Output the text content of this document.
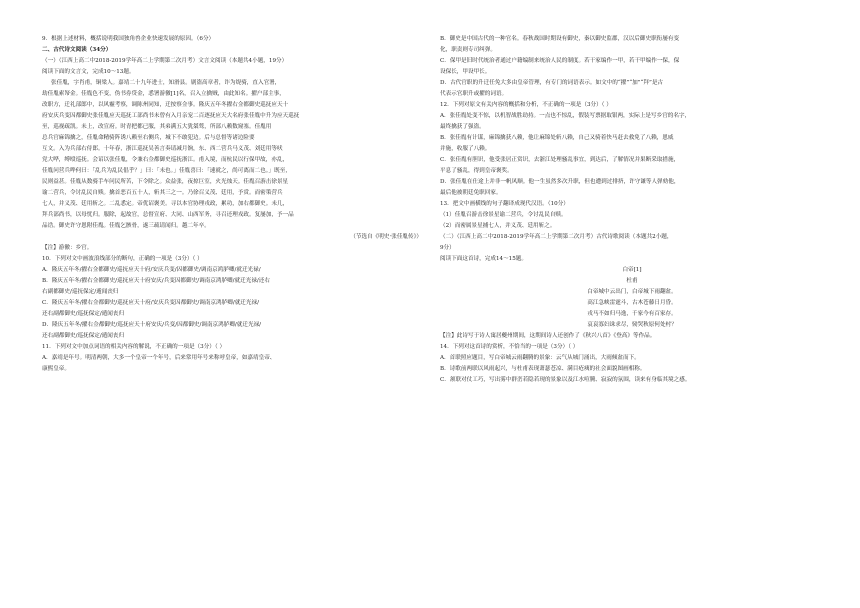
9．根据上述材料，概括说明我国独角兽企业快速发展的原因。（6分）
二、古代诗文阅读（34分）
（一）（江西上高二中2018-2019学年高二上学期第二次月考）文言文阅读（本题共4小题，19分）
阅读下面的文言文，完成10～13题。
张佳胤，字肖甫，铜梁人。嘉靖二十九年进士，知滑县。剧盗高章者，诈为缇骑，直入官署，
劫佳胤索帑金。佳胤色不变，伪书券贷金，悉署游徼[1]名，召入立擒贼，由此知名。擢户部主事，
改职方，迁礼部郎中，以风霾考察，调陈州同知，迁按察佥事。隆庆五年冬擢右佥都御史巡抚应天十
府安庆兵变囚都御史张佳胤应天巡抚工部尚书未曾有入月亲宠二百逐抚应天大名府张佳胤中升为应天巡抚
至，巡视疏凯。未上，改宣府。时青把都已服，其弟满五大犹桀骜，所部八赖数窥塞。佳胤用
总兵官麻锦擒之，佳胤命精骑阵诱八赖至右侧兵，城下不敢犯边。后与总督等诸边险要
互文。入为兵部右侍郎。十年春，浙江巡抚吴善言奏请减月饷，东、西二营兵马义茂、刘廷用等吠
党大哗，缚殴巡抚。会诏以张佳胤，令兼右佥都御史巡抚浙江。甫入境，而杭民以行保甲故，亦乱，
佳胤问营兵哗何曰：「乱兵为乱民倡乎？」曰：「未也。」佳胤喜曰：「速就之，尚可离而二也。」既至，
民则益甚。佳胤从数骑手车问民所苦，下令除之。众益张，夜掠巨室，火光烛天。佳胤召游击徐景星
谕二营兵，令讨乱民自赎。擒首恶百五十人，斩其三之一。乃徐召义茂、廷用，予赏。而密策营兵
七人，并义茂、廷用斩之。二乱悉定。帝优诏褒美。寻以本官协理戎政，累功，加右都御史。未几，
拜兵部尚书，以母忧归。服除，起故官，总督宣府、大同、山西军务，寻召还理戎政。复屡加，予一品
品诰。御史许守恩附佳胤。佳胤乞骸骨，遂三疏请闻归。越二年卒。
（节选自《明史·张佳胤传》）
【注】游徼：乡官。
10．下列对文中画波浪线部分的断句，正确的一项是（3分）（ ）
A．隆庆五年冬/擢右佥都御史/巡抚应天十府/安庆兵变/囚都御史/调南京鸿胪卿/就迁光禄/
B．隆庆五年冬/擢右佥都御史/巡抚应天十府安庆/兵变囚都御史/调南京鸿胪卿/就迁光禄/还右
右副都御史/巡抚保定/遁闻丧归
C．隆庆五年冬/擢右佥都御史/巡抚应天十府/安庆兵变囚都御史/调南京鸿胪卿/就迁光禄/
还右副都御史/巡抚保定/遁闻丧归
D．隆庆五年冬/擢右佥都御史/巡抚应天十府安庆/兵变/囚都御史/调南京鸿胪卿/就迁光禄/
还右副都御史/巡抚保定/遁闻丧归
11．下列对文中加点词语的相关内容的解说，不正确的一项是（3分）（ ）
A．嘉靖是年号。明清两朝，大多一个皇帝一个年号，后来常用年号来称呼皇帝，如嘉靖皇帝、
康熙皇帝。
B．御史是中国古代的一种官名。春秋战国时期设有御史，秦以御史监郡，汉以后御史职衔屡有变
化，职责则专司纠弹。
C．保甲是旧时代统治者通过户籍编制来统治人民的制度。若干家编作一甲，若干甲编作一保，保
设保长，甲设甲长。
D．古代官职的升迁任免大多由皇帝管理，有专门的词语表示。如文中的“擢”“加”“拜”是古
代表示官职升或擢的词语。
12．下列对原文有关内容的概括和分析，不正确的一项是（3分）（ ）
A．张佳胤处变不惊，以机智战胜劫持。一点也不惊乱，假装写票据取银两，实际上是写乡官的名字，
最终擒获了强盗。
B．张佳胤有计谋，麻锦擒获八赖，他让麻锦处斩八赖，自己又骑着快马赶去救免了八赖，恩威
并施，收服了八赖。
C．张佳胤有胆识，他受张居正赏识，去浙江处理骚乱事宜，到达后，了解情况并果断采取措施，
平息了骚乱，得到皇帝褒奖。
D．张佳胤在仕途上并非一帆风顺。他一生虽然多次升职，但也遭到过排挤，许守谦等人弹劾他，
最后他被朝廷免职回家。
13．把文中画横线的句子翻译成现代汉语。（10分）
（1）佳胤召游击徐景星谕二营兵，令讨乱民自赎。
（2）而密属景星捕七人，并义茂、廷用斩之。
（二）（江西上高二中2018-2019学年高二上学期第二次月考）古代诗歌阅读（本题共2小题，
9分）
阅读下面这首诗，完成14～15题。
白帝[1]
杜甫
白帝城中云出门，白帝城下雨翻盆。
高江急峡雷霆斗，古木苍藤日月昏。
戎马不如归马逸，千家今有百家存。
哀哀寡妇诛求尽，恸哭秋原何处村？
【注】此诗写于诗人寓居夔州期间，这期间诗人还创作了《秋兴八首》《登高》等作品。
14．下列对这首诗的赏析，不恰当的一项是（3分）（ ）
A．首联照应题目，写白帝城云雨翻腾的景象：云气从城门涌出，大雨倾盆而下。
B．诗歌前两联以风雨起兴，与杜甫表现萧瑟苍凉、满目疮痍的社会面貌图画相称。
C．颔联对仗工巧，写出雾中群峦若隐若现的景象以及江水喧腾、寂寂的氛围，读来有身临其境之感。
